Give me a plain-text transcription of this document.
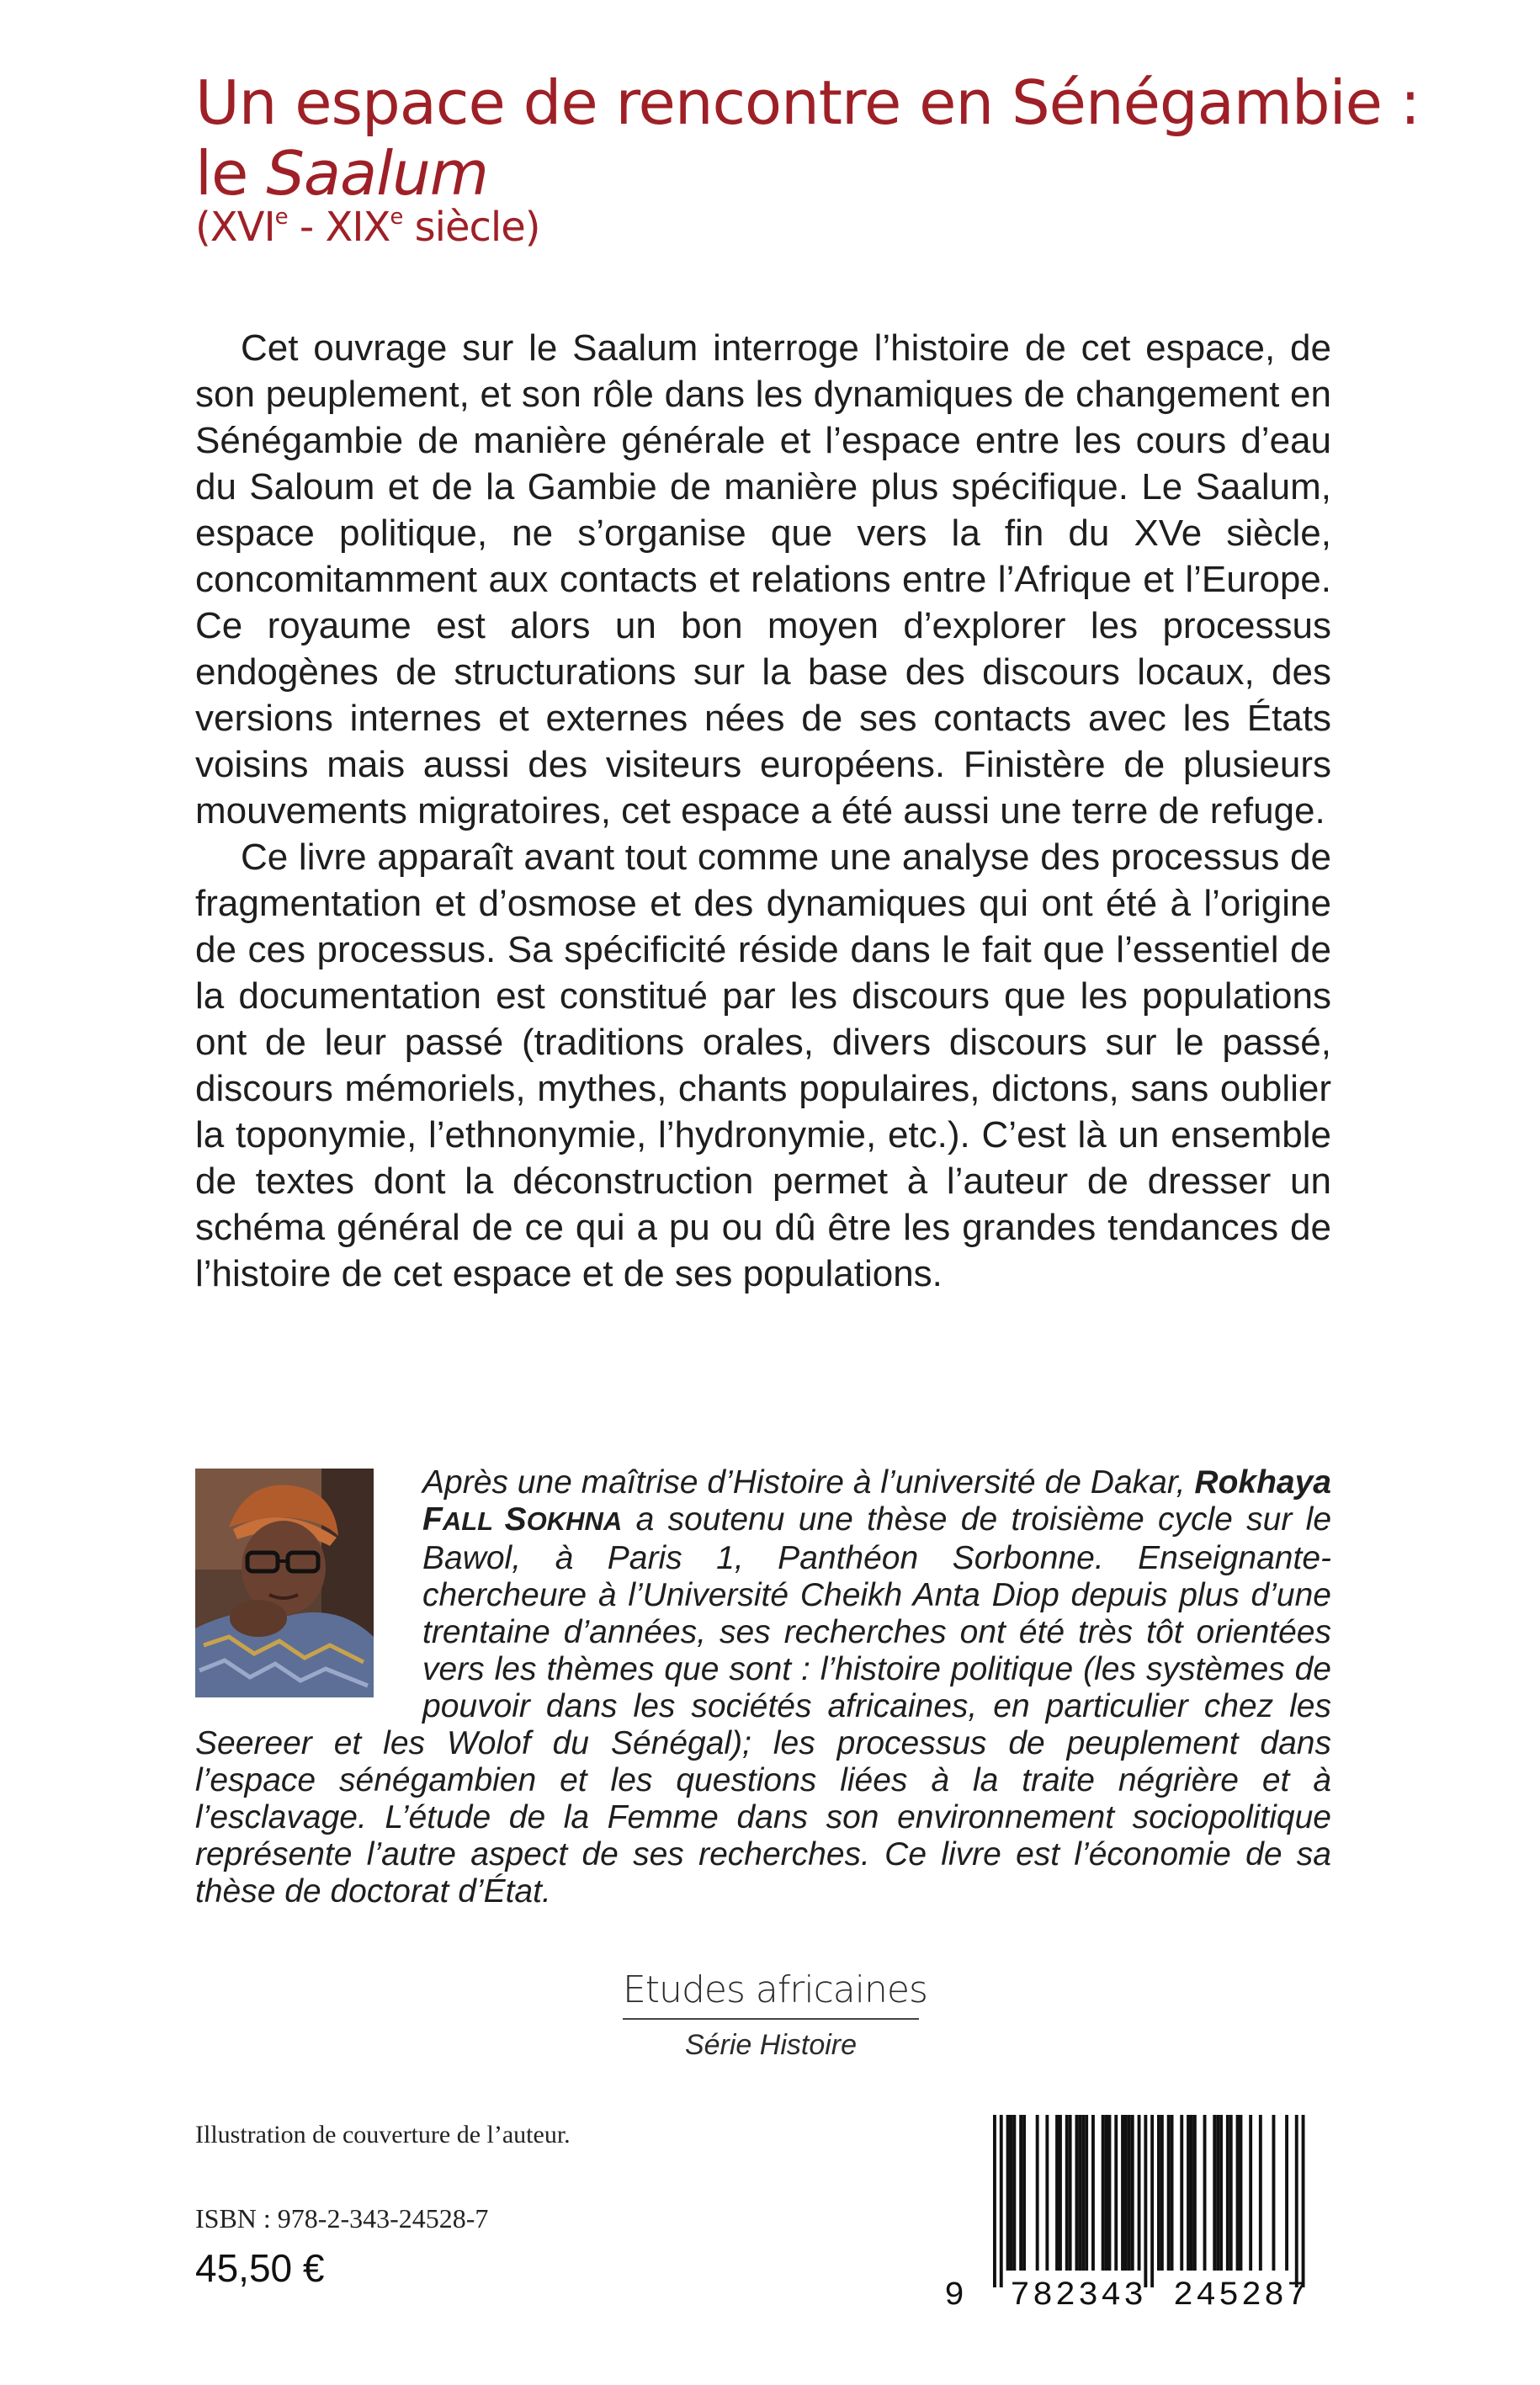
Un espace de rencontre en Sénégambie :
le Saalum
(XVIe - XIXe siècle)

Cet ouvrage sur le Saalum interroge l’histoire de cet espace, de son peuplement, et son rôle dans les dynamiques de changement en Sénégambie de manière générale et l’espace entre les cours d’eau du Saloum et de la Gambie de manière plus spécifique. Le Saalum, espace politique, ne s’organise que vers la fin du XVe siècle, concomitamment aux contacts et relations entre l’Afrique et l’Europe. Ce royaume est alors un bon moyen d’explorer les processus endogènes de structurations sur la base des discours locaux, des versions internes et externes nées de ses contacts avec les États voisins mais aussi des visiteurs européens. Finistère de plusieurs mouvements migratoires, cet espace a été aussi une terre de refuge.

Ce livre apparaît avant tout comme une analyse des processus de fragmentation et d’osmose et des dynamiques qui ont été à l’origine de ces processus. Sa spécificité réside dans le fait que l’essentiel de la documentation est constitué par les discours que les populations ont de leur passé (traditions orales, divers discours sur le passé, discours mémoriels, mythes, chants populaires, dictons, sans oublier la toponymie, l’ethnonymie, l’hydronymie, etc.). C’est là un ensemble de textes dont la déconstruction permet à l’auteur de dresser un schéma général de ce qui a pu ou dû être les grandes tendances de l’histoire de cet espace et de ses populations.

Après une maîtrise d’Histoire à l’université de Dakar, Rokhaya FALL SOKHNA a soutenu une thèse de troisième cycle sur le Bawol, à Paris 1, Panthéon Sorbonne. Enseignante-chercheure à l’Université Cheikh Anta Diop depuis plus d’une trentaine d’années, ses recherches ont été très tôt orientées vers les thèmes que sont : l’histoire politique (les systèmes de pouvoir dans les sociétés africaines, en particulier chez les Seereer et les Wolof du Sénégal); les processus de peuplement dans l’espace sénégambien et les questions liées à la traite négrière et à l’esclavage. L’étude de la Femme dans son environnement sociopolitique représente l’autre aspect de ses recherches. Ce livre est l’économie de sa thèse de doctorat d’État.

Etudes africaines
Série Histoire
Illustration de couverture de l’auteur.
ISBN : 978-2-343-24528-7
45,50 €
9 782343 245287
